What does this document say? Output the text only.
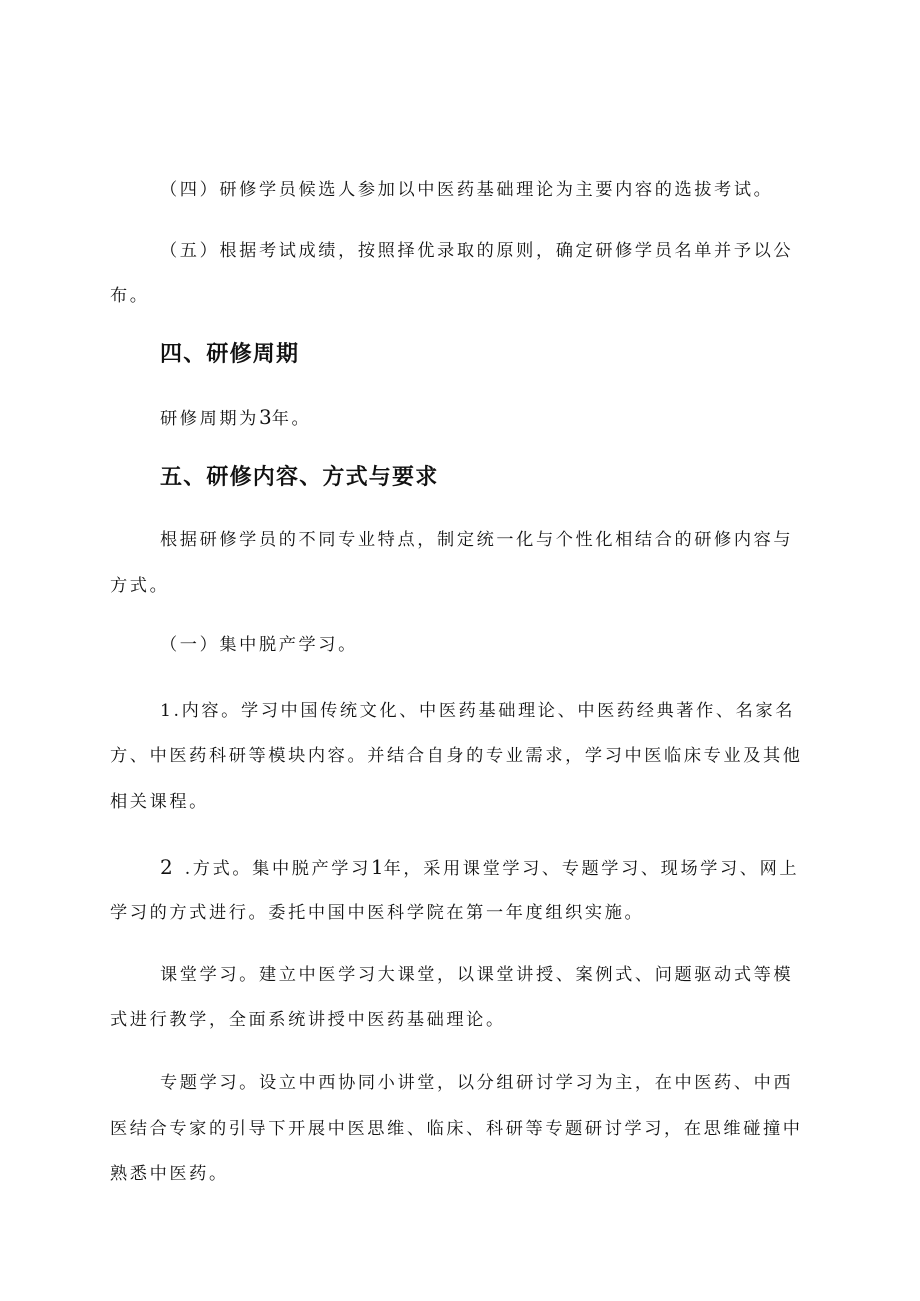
（四）研修学员候选人参加以中医药基础理论为主要内容的选拔考试。

（五）根据考试成绩，按照择优录取的原则，确定研修学员名单并予以公

布。

四、研修周期

研修周期为3年。

五、研修内容、方式与要求

根据研修学员的不同专业特点，制定统一化与个性化相结合的研修内容与

方式。

（一）集中脱产学习。

1.内容。学习中国传统文化、中医药基础理论、中医药经典著作、名家名

方、中医药科研等模块内容。并结合自身的专业需求，学习中医临床专业及其他

相关课程。

2 .方式。集中脱产学习1年，采用课堂学习、专题学习、现场学习、网上

学习的方式进行。委托中国中医科学院在第一年度组织实施。

课堂学习。建立中医学习大课堂，以课堂讲授、案例式、问题驱动式等模

式进行教学，全面系统讲授中医药基础理论。

专题学习。设立中西协同小讲堂，以分组研讨学习为主，在中医药、中西

医结合专家的引导下开展中医思维、临床、科研等专题研讨学习，在思维碰撞中

熟悉中医药。
